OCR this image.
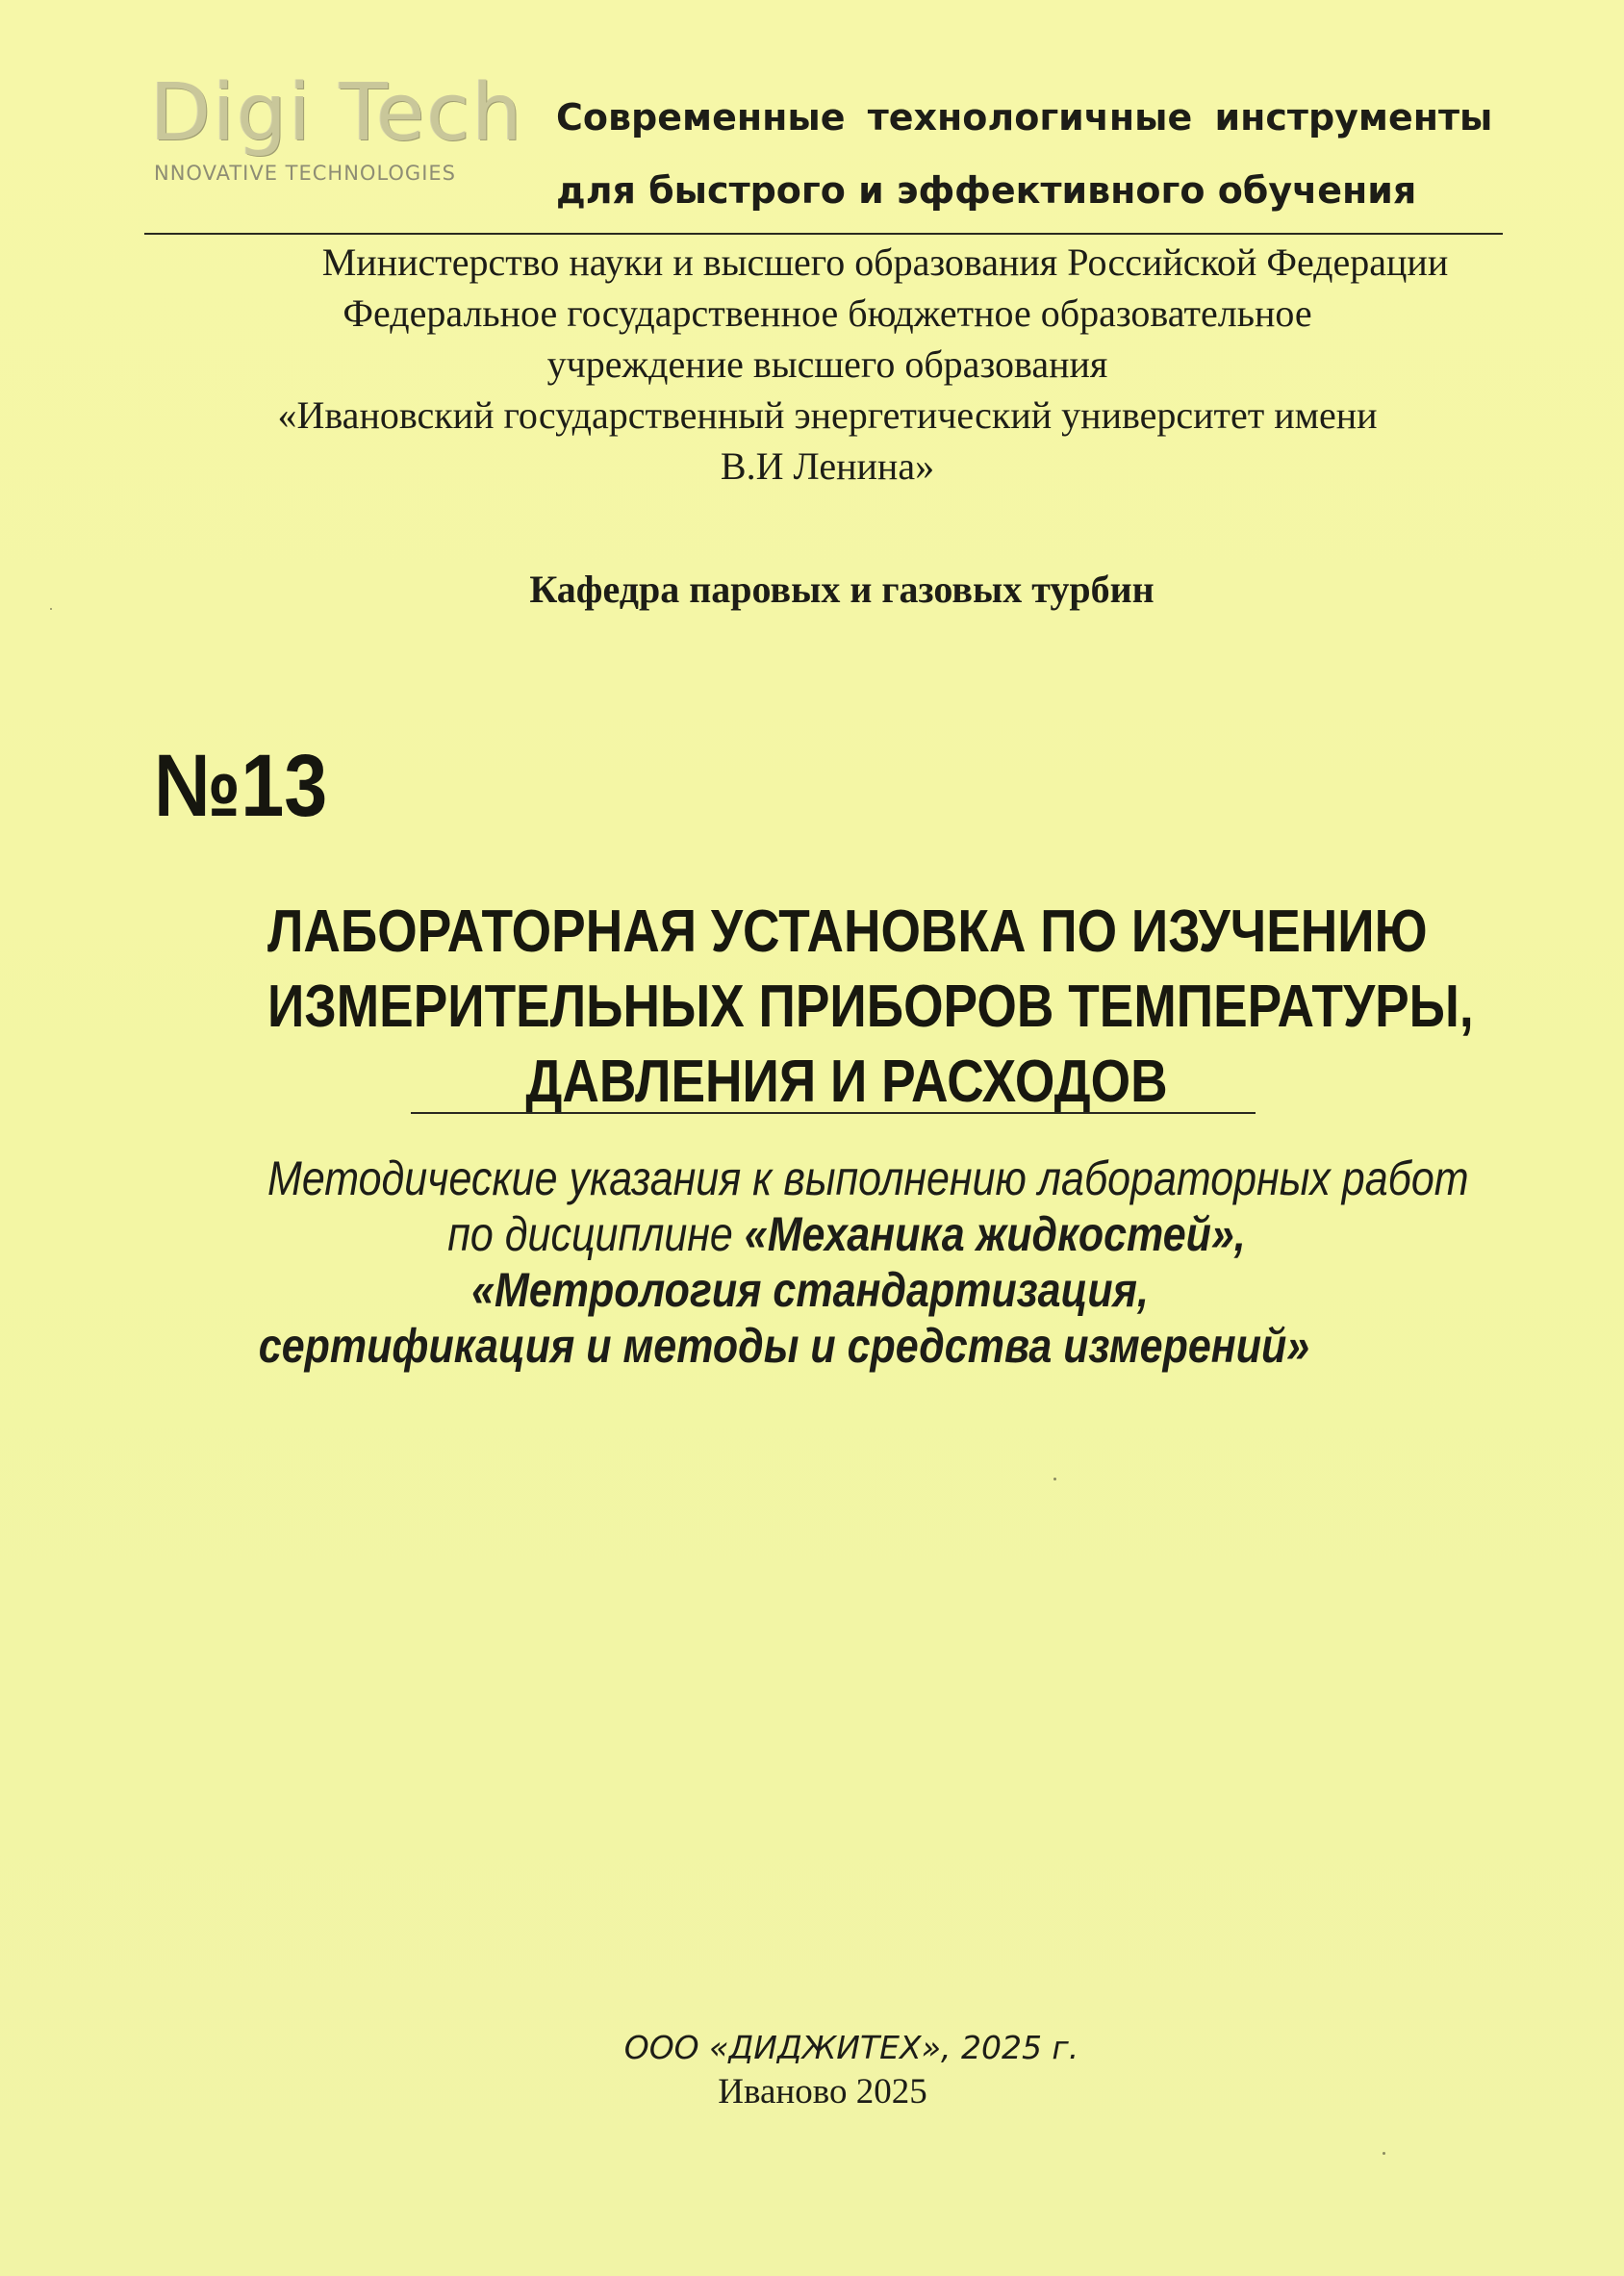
Digi Tech
NNOVATIVE TECHNOLOGIES
Современные технологичные инструменты
для быстрого и эффективного обучения
Министерство науки и высшего образования Российской Федерации
Федеральное государственное бюджетное образовательное
учреждение высшего образования
«Ивановский государственный энергетический университет имени
В.И Ленина»
Кафедра паровых и газовых турбин
№13
ЛАБОРАТОРНАЯ УСТАНОВКА ПО ИЗУЧЕНИЮ
ИЗМЕРИТЕЛЬНЫХ ПРИБОРОВ ТЕМПЕРАТУРЫ,
ДАВЛЕНИЯ И РАСХОДОВ
Методические указания к выполнению лабораторных работ
по дисциплине «Механика жидкостей»,
«Метрология стандартизация,
сертификация и методы и средства измерений»
ООО «ДИДЖИТЕХ», 2025 г.
Иваново 2025
